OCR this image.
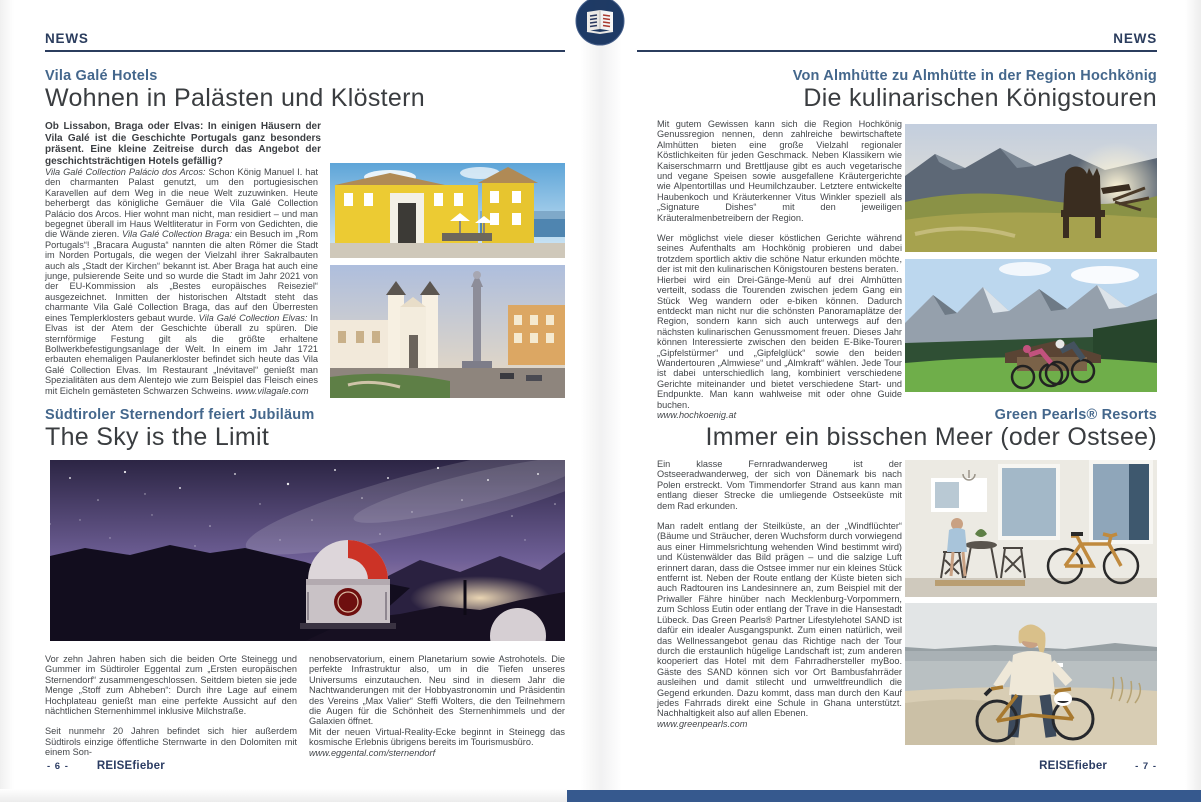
NEWS
Vila Galé Hotels
Wohnen in Palästen und Klöstern
Ob Lissabon, Braga oder Elvas: In einigen Häusern der Vila Galé ist die Geschichte Portugals ganz besonders präsent. Eine kleine Zeitreise durch das Angebot der geschichtsträchtigen Hotels gefällig?
Vila Galé Collection Palácio dos Arcos: Schon König Manuel I. hat den charmanten Palast genutzt, um den portugiesischen Karavellen auf dem Weg in die neue Welt zuzuwinken. Heute beherbergt das königliche Gemäuer die Vila Galé Collection Palácio dos Arcos. Hier wohnt man nicht, man residiert – und man begegnet überall im Haus Weltliteratur in Form von Gedichten, die die Wände zieren. Vila Galé Collection Braga: ein Besuch im „Rom Portugals“! „Bracara Augusta“ nannten die alten Römer die Stadt im Norden Portugals, die wegen der Vielzahl ihrer Sakralbauten auch als „Stadt der Kirchen“ bekannt ist. Aber Braga hat auch eine junge, pulsierende Seite und so wurde die Stadt im Jahr 2021 von der EU-Kommission als „Bestes europäisches Reiseziel“ ausgezeichnet. Inmitten der historischen Altstadt steht das charmante Vila Galé Collection Braga, das auf den Überresten eines Templerklosters gebaut wurde. Vila Galé Collection Elvas: In Elvas ist der Atem der Geschichte überall zu spüren. Die sternförmige Festung gilt als die größte erhaltene Bollwerkbefestigungsanlage der Welt. In einem im Jahr 1721 erbauten ehemaligen Paulanerkloster befindet sich heute das Vila Galé Collection Elvas. Im Restaurant „Inévitavel“ genießt man Spezialitäten aus dem Alentejo wie zum Beispiel das Fleisch eines mit Eicheln gemästeten Schwarzen Schweins. www.vilagale.com
Südtiroler Sternendorf feiert Jubiläum
The Sky is the Limit

Vor zehn Jahren haben sich die beiden Orte Steinegg und Gummer im Südtiroler Eggental zum „Ersten europäischen Sternendorf“ zusammengeschlossen. Seitdem bieten sie jede Menge „Stoff zum Abheben“: Durch ihre Lage auf einem Hochplateau genießt man eine perfekte Aussicht auf den nächtlichen Sternenhimmel inklusive Milchstraße.

Seit nunmehr 20 Jahren befindet sich hier außerdem Südtirols einzige öffentliche Sternwarte in den Dolomiten mit einem Son-

nenobservatorium, einem Planetarium sowie Astrohotels. Die perfekte Infrastruktur also, um in die Tiefen unseres Universums einzutauchen. Neu sind in diesem Jahr die Nachtwanderungen mit der Hobbyastronomin und Präsidentin des Vereins „Max Valier“ Steffi Wolters, die den Teilnehmern die Augen für die Schönheit des Sternenhimmels und der Galaxien öffnet.

Mit der neuen Virtual-Reality-Ecke beginnt in Steinegg das kosmische Erlebnis übrigens bereits im Tourismusbüro.

www.eggental.com/sternendorf

- 6 - REISEfieber
NEWS
Von Almhütte zu Almhütte in der Region Hochkönig
Die kulinarischen Königstouren

Mit gutem Gewissen kann sich die Region Hochkönig Genussregion nennen, denn zahlreiche bewirtschaftete Almhütten bieten eine große Vielzahl regionaler Köstlichkeiten für jeden Geschmack. Neben Klassikern wie Kaiserschmarrn und Brettljause gibt es auch vegetarische und vegane Speisen sowie ausgefallene Kräutergerichte wie Alpentortillas und Heumilchzauber. Letztere entwickelte Haubenkoch und Kräuterkenner Vitus Winkler speziell als „Signature Dishes“ mit den jeweiligen Kräuteralmenbetreibern der Region.

Wer möglichst viele dieser köstlichen Gerichte während seines Aufenthalts am Hochkönig probieren und dabei trotzdem sportlich aktiv die schöne Natur erkunden möchte, der ist mit den kulinarischen Königstouren bestens beraten.

Hierbei wird ein Drei-Gänge-Menü auf drei Almhütten verteilt, sodass die Tourenden zwischen jedem Gang ein Stück Weg wandern oder e-biken können. Dadurch entdeckt man nicht nur die schönsten Panoramaplätze der Region, sondern kann sich auch unterwegs auf den nächsten kulinarischen Genussmoment freuen. Dieses Jahr können Interessierte zwischen den beiden E-Bike-Touren „Gipfelstürmer“ und „Gipfelglück“ sowie den beiden Wandertouren „Almwiese“ und „Almkraft“ wählen. Jede Tour ist dabei unterschiedlich lang, kombiniert verschiedene Gerichte miteinander und bietet verschiedene Start- und Endpunkte. Man kann wahlweise mit oder ohne Guide buchen.

www.hochkoenig.at	Green Pearls® Resorts
Immer ein bisschen Meer (oder Ostsee)

Ein klasse Fernradwanderweg ist der Ostseeradwanderweg, der sich von Dänemark bis nach Polen erstreckt. Vom Timmendorfer Strand aus kann man entlang dieser Strecke die umliegende Ostseeküste mit dem Rad erkunden.

Man radelt entlang der Steilküste, an der „Windflüchter“ (Bäume und Sträucher, deren Wuchsform durch vorwiegend aus einer Himmelsrichtung wehenden Wind bestimmt wird) und Küstenwälder das Bild prägen – und die salzige Luft erinnert daran, dass die Ostsee immer nur ein kleines Stück entfernt ist. Neben der Route entlang der Küste bieten sich auch Radtouren ins Landesinnere an, zum Beispiel mit der Priwaller Fähre hinüber nach Mecklenburg-Vorpommern, zum Schloss Eutin oder entlang der Trave in die Hansestadt Lübeck. Das Green Pearls® Partner Lifestylehotel SAND ist dafür ein idealer Ausgangspunkt. Zum einen natürlich, weil das Wellnessangebot genau das Richtige nach der Tour durch die erstaunlich hügelige Landschaft ist; zum anderen kooperiert das Hotel mit dem Fahrradhersteller myBoo. Gäste des SAND können sich vor Ort Bambusfahrräder ausleihen und damit stilecht und umweltfreundlich die Gegend erkunden. Dazu kommt, dass man durch den Kauf jedes Fahrrads direkt eine Schule in Ghana unterstützt. Nachhaltigkeit also auf allen Ebenen.

www.greenpearls.com

REISEfieber	- 7 -
